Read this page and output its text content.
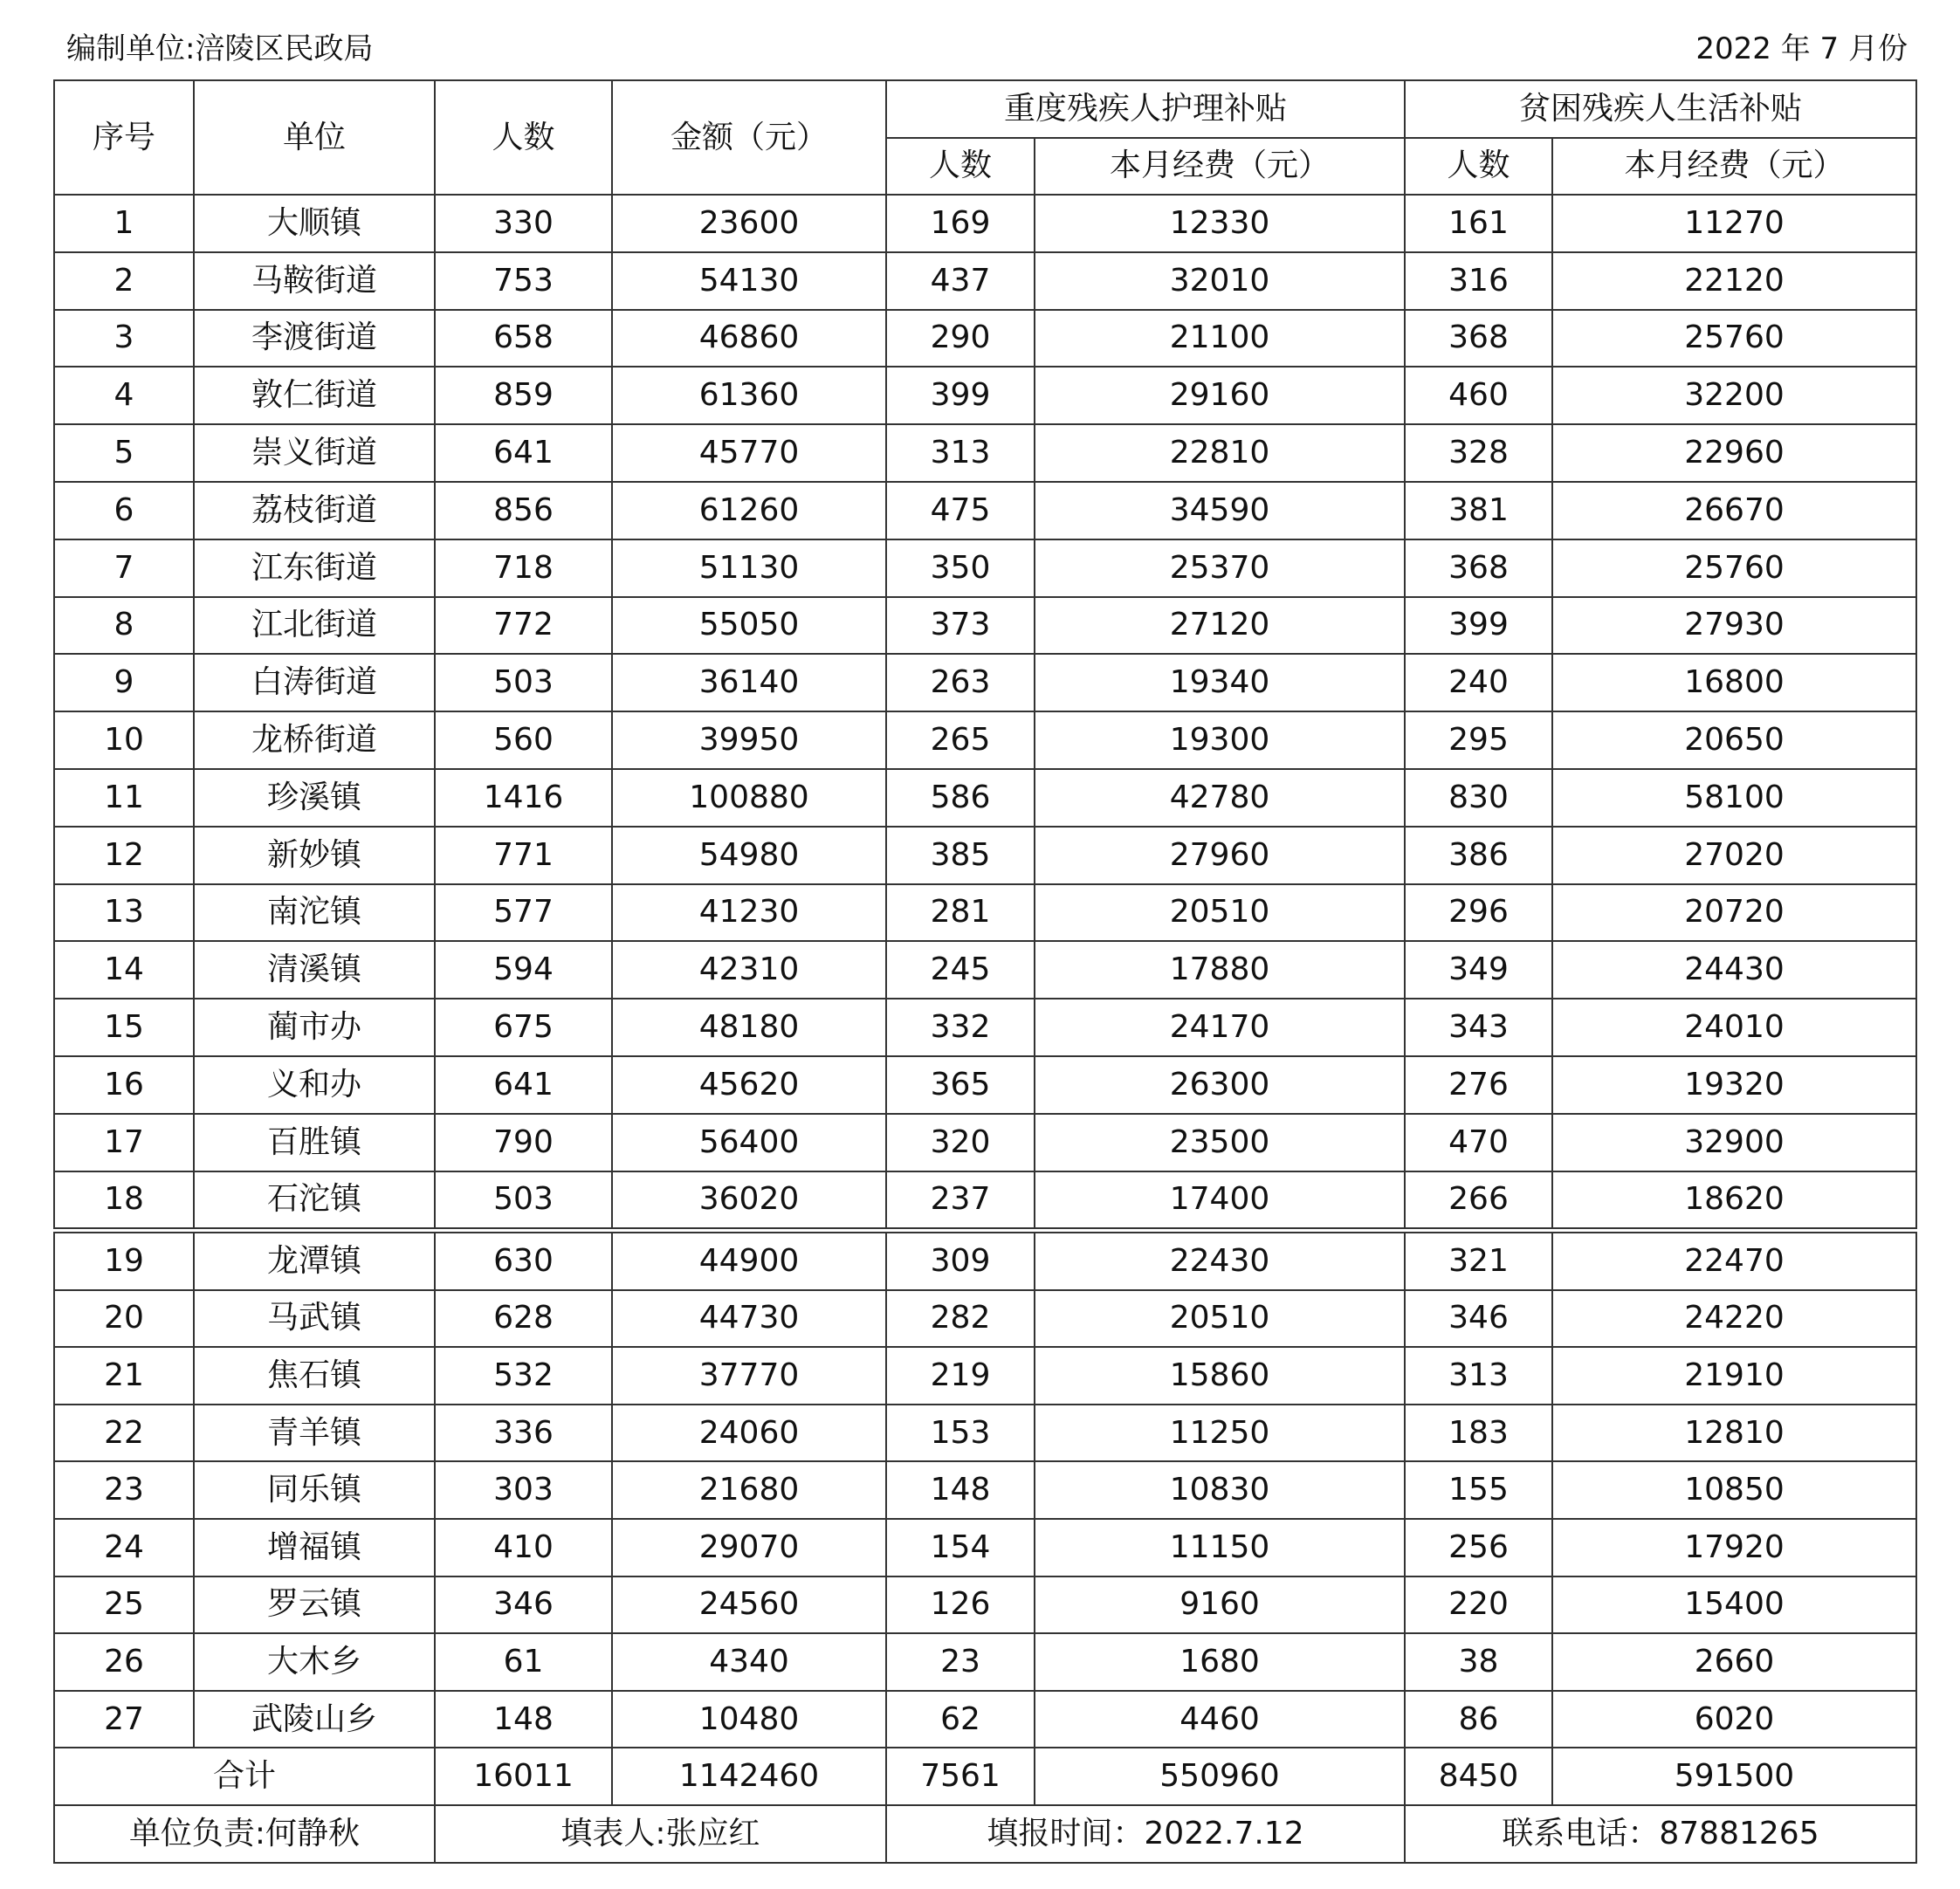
编制单位:涪陵区民政局	2022 年 7 月份
序号	单位	人数	金额（元）	重度残疾人护理补贴		贫困残疾人生活补贴	
				人数	本月经费（元）	人数	本月经费（元）
1	大顺镇	330	23600	169	12330	161	11270
2	马鞍街道	753	54130	437	32010	316	22120
3	李渡街道	658	46860	290	21100	368	25760
4	敦仁街道	859	61360	399	29160	460	32200
5	崇义街道	641	45770	313	22810	328	22960
6	荔枝街道	856	61260	475	34590	381	26670
7	江东街道	718	51130	350	25370	368	25760
8	江北街道	772	55050	373	27120	399	27930
9	白涛街道	503	36140	263	19340	240	16800
10	龙桥街道	560	39950	265	19300	295	20650
11	珍溪镇	1416	100880	586	42780	830	58100
12	新妙镇	771	54980	385	27960	386	27020
13	南沱镇	577	41230	281	20510	296	20720
14	清溪镇	594	42310	245	17880	349	24430
15	蔺市办	675	48180	332	24170	343	24010
16	义和办	641	45620	365	26300	276	19320
17	百胜镇	790	56400	320	23500	470	32900
18	石沱镇	503	36020	237	17400	266	18620
19	龙潭镇	630	44900	309	22430	321	22470
20	马武镇	628	44730	282	20510	346	24220
21	焦石镇	532	37770	219	15860	313	21910
22	青羊镇	336	24060	153	11250	183	12810
23	同乐镇	303	21680	148	10830	155	10850
24	增福镇	410	29070	154	11150	256	17920
25	罗云镇	346	24560	126	9160	220	15400
26	大木乡	61	4340	23	1680	38	2660
27	武陵山乡	148	10480	62	4460	86	6020
合计		16011	1142460	7561	550960	8450	591500
单位负责:何静秋		填表人:张应红		填报时间：2022.7.12		联系电话：87881265	
